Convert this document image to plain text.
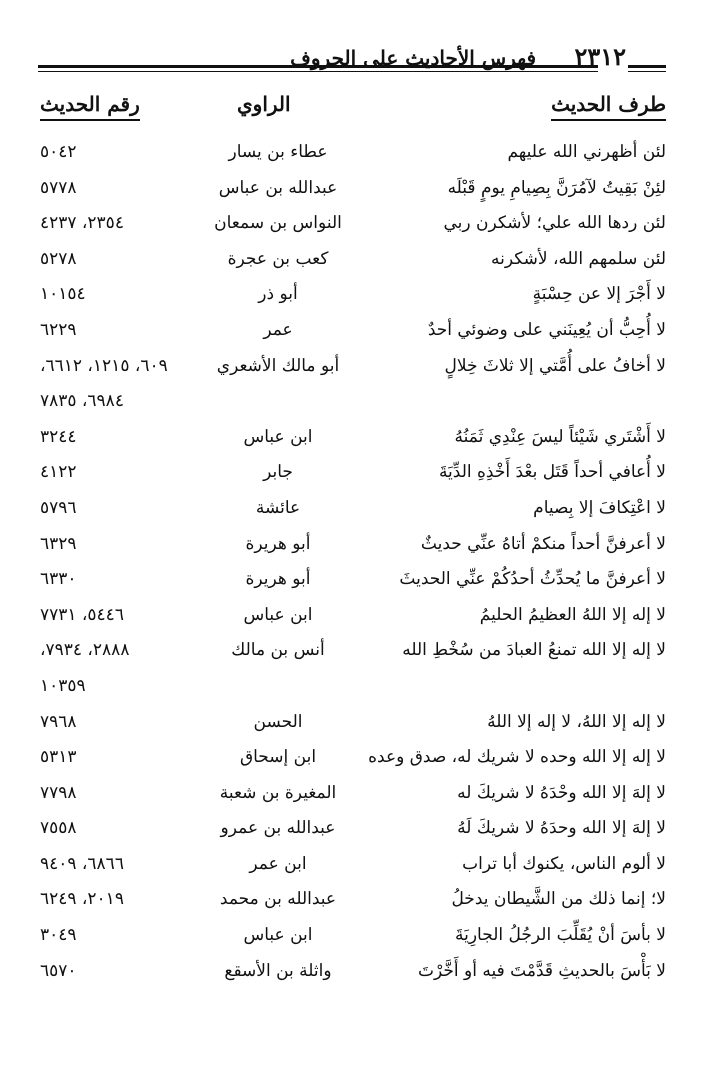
٢٣١٢
فهرس الأحاديث على الحروف
طرف الحديث
الراوي
رقم الحديث
لئن أظهرني الله عليهم
عطاء بن يسار
٥٠٤٢
لئِنْ بَقِيتُ لآمُرَنَّ بِصِيامِ يومٍ قَبْلَه
عبدالله بن عباس
٥٧٧٨
لئن ردها الله علي؛ لأشكرن ربي
النواس بن سمعان
٢٣٥٤، ٤٢٣٧
لئن سلمهم الله، لأشكرنه
كعب بن عجرة
٥٢٧٨
لا أَجْرَ إلا عن حِسْبَةٍ
أبو ذر
١٠١٥٤
لا أُحِبُّ أن يُعِينَني على وضوئي أحدٌ
عمر
٦٢٢٩
لا أخافُ على أُمَّتي إلا ثلاثَ خِلالٍ
أبو مالك الأشعري
٦٠٩، ١٢١٥، ٦٦١٢،
٦٩٨٤، ٧٨٣٥
لا أَشْتَري شَيْئاً ليسَ عِنْدِي ثَمَنُهُ
ابن عباس
٣٢٤٤
لا أُعافي أحداً قَتَل بعْدَ أَخْذِهِ الدِّيَةَ
جابر
٤١٢٢
لا اعْتِكافَ إلا بِصيام
عائشة
٥٧٩٦
لا أعرفنَّ أحداً منكمْ أتاهُ عنِّي حديثٌ
أبو هريرة
٦٣٢٩
لا أعرفنَّ ما يُحدِّثُ أحدُكُمْ عنِّي الحديثَ
أبو هريرة
٦٣٣٠
لا إله إلا اللهُ العظيمُ الحليمُ
ابن عباس
٥٤٤٦، ٧٧٣١
لا إله إلا الله تمنعُ العبادَ من سُخْطِ الله
أنس بن مالك
٢٨٨٨، ٧٩٣٤،
١٠٣٥٩
لا إله إلا اللهُ، لا إله إلا اللهُ
الحسن
٧٩٦٨
لا إله إلا الله وحده لا شريك له، صدق وعده
ابن إسحاق
٥٣١٣
لا إلهَ إلا الله وحْدَهُ لا شريكَ له
المغيرة بن شعبة
٧٧٩٨
لا إلهَ إلا الله وحدَهُ لا شريكَ لَهُ
عبدالله بن عمرو
٧٥٥٨
لا ألوم الناس، يكنوك أبا تراب
ابن عمر
٦٨٦٦، ٩٤٠٩
لا؛ إنما ذلك من الشَّيطان يدخلُ
عبدالله بن محمد
٢٠١٩، ٦٢٤٩
لا بأسَ أنْ يُقَلِّبَ الرجُلُ الجارِيَةَ
ابن عباس
٣٠٤٩
لا بَأْسَ بالحديثِ قَدَّمْتَ فيه أو أَخَّرْتَ
واثلة بن الأسقع
٦٥٧٠
